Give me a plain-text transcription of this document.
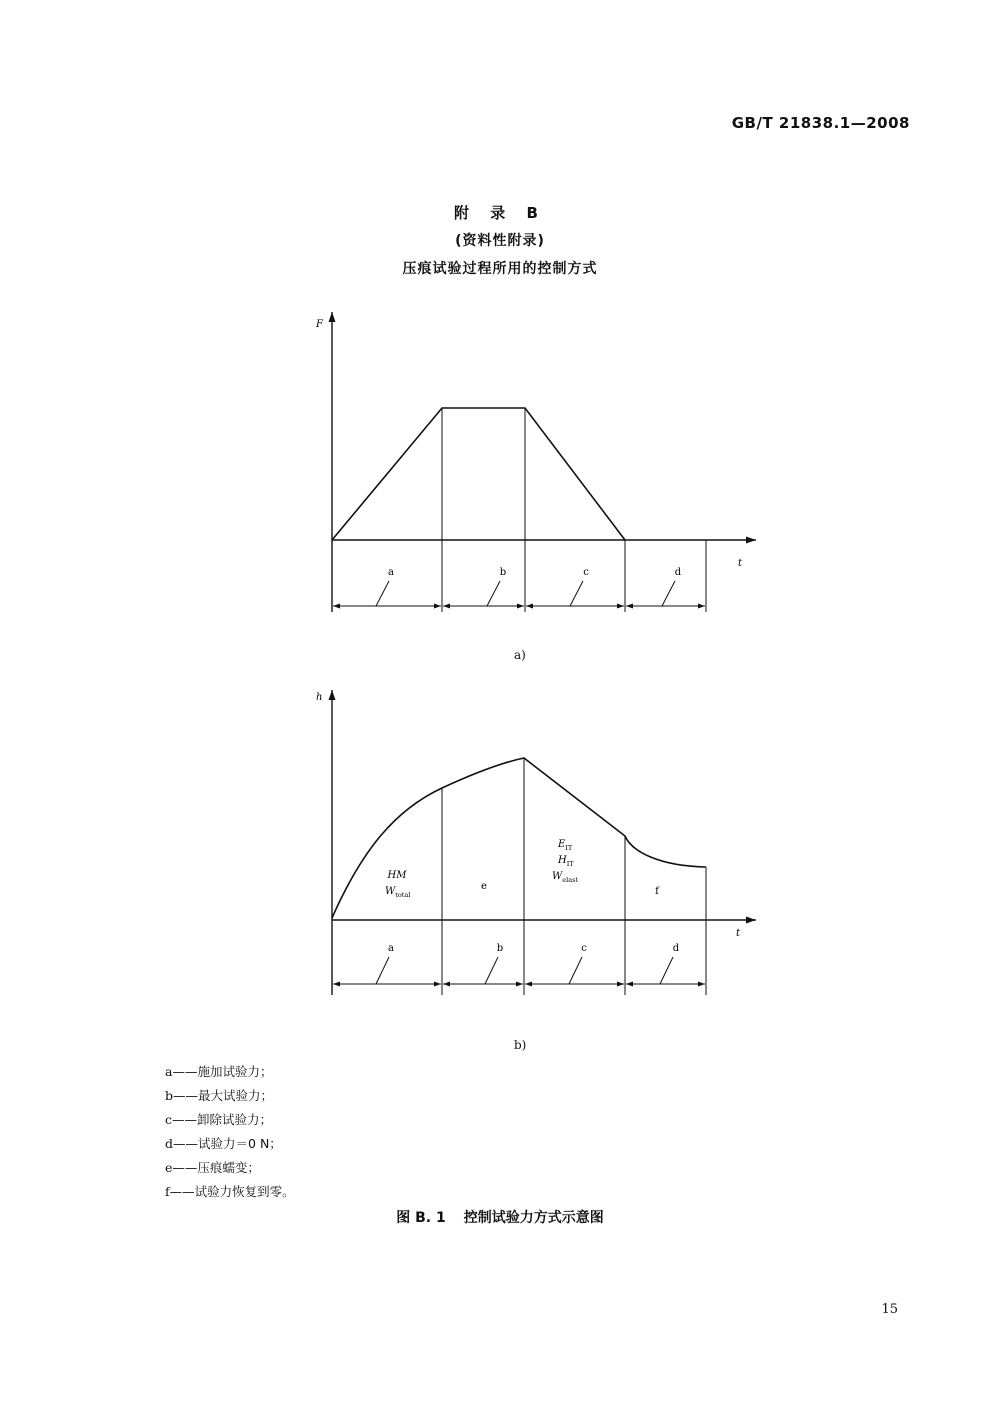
GB/T 21838.1—2008
附 录 B
(资料性附录)
压痕试验过程所用的控制方式
F
t
a	b	c	d
h
t
a	b	c	d
HM
$W_{total}$
e
$E_{IT}$
$H_{IT}$
$W_{elast}$
f
a)
b)
a——施加试验力；
b——最大试验力；
c——卸除试验力；
d——试验力＝0 N；
e——压痕蠕变；
f——试验力恢复到零。
图 B. 1 控制试验力方式示意图
15
